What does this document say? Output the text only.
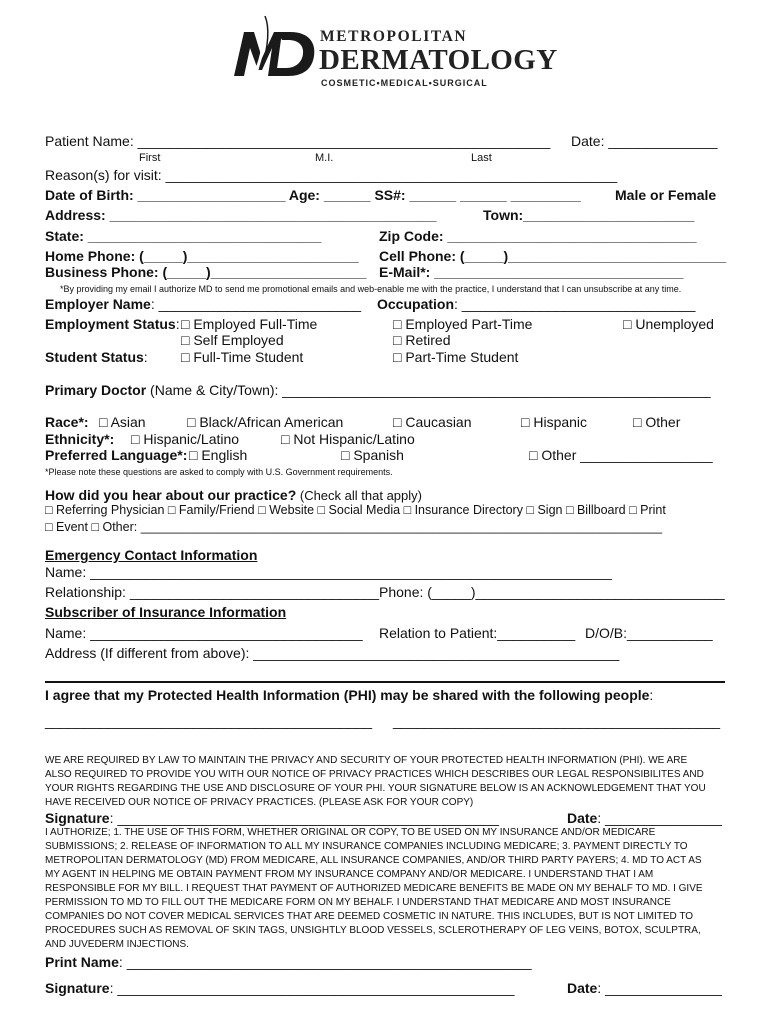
METROPOLITAN
DERMATOLOGY
COSMETIC•MEDICAL•SURGICAL
Patient Name: _____________________________________________________ Date: ______________
First	M.I.	Last
Reason(s) for visit: __________________________________________________________
Date of Birth: ___________________ Age: ______ SS#: ______ ______ _________ Male or Female
Address: __________________________________________	Town:______________________
State: ______________________________	Zip Code: ________________________________
Home Phone: (_____)______________________ Cell Phone: (_____)____________________________
Business Phone: (_____)____________________ E-Mail*: ________________________________
*By providing my email I authorize MD to send me promotional emails and web-enable me with the practice, I understand that I can unsubscribe at any time.
Employer Name: __________________________ Occupation: ______________________________
Employment Status: □ Employed Full-Time	□ Employed Part-Time	□ Unemployed
□ Self Employed	□ Retired
Student Status: □ Full-Time Student	□ Part-Time Student
Primary Doctor (Name & City/Town): _______________________________________________________
Race*: □ Asian	□ Black/African American	□ Caucasian	□ Hispanic	□ Other
Ethnicity*: □ Hispanic/Latino	□ Not Hispanic/Latino
Preferred Language*: □ English	□ Spanish	□ Other _________________
*Please note these questions are asked to comply with U.S. Government requirements.
How did you hear about our practice? (Check all that apply)
□ Referring Physician □ Family/Friend □ Website □ Social Media □ Insurance Directory □ Sign □ Billboard □ Print
□ Event □ Other: ___________________________________________________________________________
Emergency Contact Information
Name: ___________________________________________________________________
Relationship: ________________________________ Phone: (_____)________________________________
Subscriber of Insurance Information
Name: ___________________________________ Relation to Patient:__________ D/O/B:___________
Address (If different from above): _______________________________________________
I agree that my Protected Health Information (PHI) may be shared with the following people:
__________________________________________ __________________________________________
WE ARE REQUIRED BY LAW TO MAINTAIN THE PRIVACY AND SECURITY OF YOUR PROTECTED HEALTH INFORMATION (PHI). WE ARE
ALSO REQUIRED TO PROVIDE YOU WITH OUR NOTICE OF PRIVACY PRACTICES WHICH DESCRIBES OUR LEGAL RESPONSIBILITES AND
YOUR RIGHTS REGARDING THE USE AND DISCLOSURE OF YOUR PHI. YOUR SIGNATURE BELOW IS AN ACKNOWLEDGEMENT THAT YOU
HAVE RECEIVED OUR NOTICE OF PRIVACY PRACTICES. (PLEASE ASK FOR YOUR COPY)
Signature: _________________________________________________	Date: _______________
I AUTHORIZE; 1. THE USE OF THIS FORM, WHETHER ORIGINAL OR COPY, TO BE USED ON MY INSURANCE AND/OR MEDICARE
SUBMISSIONS; 2. RELEASE OF INFORMATION TO ALL MY INSURANCE COMPANIES INCLUDING MEDICARE; 3. PAYMENT DIRECTLY TO
METROPOLITAN DERMATOLOGY (MD) FROM MEDICARE, ALL INSURANCE COMPANIES, AND/OR THIRD PARTY PAYERS; 4. MD TO ACT AS
MY AGENT IN HELPING ME OBTAIN PAYMENT FROM MY INSURANCE COMPANY AND/OR MEDICARE. I UNDERSTAND THAT I AM
RESPONSIBLE FOR MY BILL. I REQUEST THAT PAYMENT OF AUTHORIZED MEDICARE BENEFITS BE MADE ON MY BEHALF TO MD. I GIVE
PERMISSION TO MD TO FILL OUT THE MEDICARE FORM ON MY BEHALF. I UNDERSTAND THAT MEDICARE AND MOST INSURANCE
COMPANIES DO NOT COVER MEDICAL SERVICES THAT ARE DEEMED COSMETIC IN NATURE. THIS INCLUDES, BUT IS NOT LIMITED TO
PROCEDURES SUCH AS REMOVAL OF SKIN TAGS, UNSIGHTLY BLOOD VESSELS, SCLEROTHERAPY OF LEG VEINS, BOTOX, SCULPTRA,
AND JUVEDERM INJECTIONS.
Print Name: ____________________________________________________
Signature: ___________________________________________________	Date: _______________
